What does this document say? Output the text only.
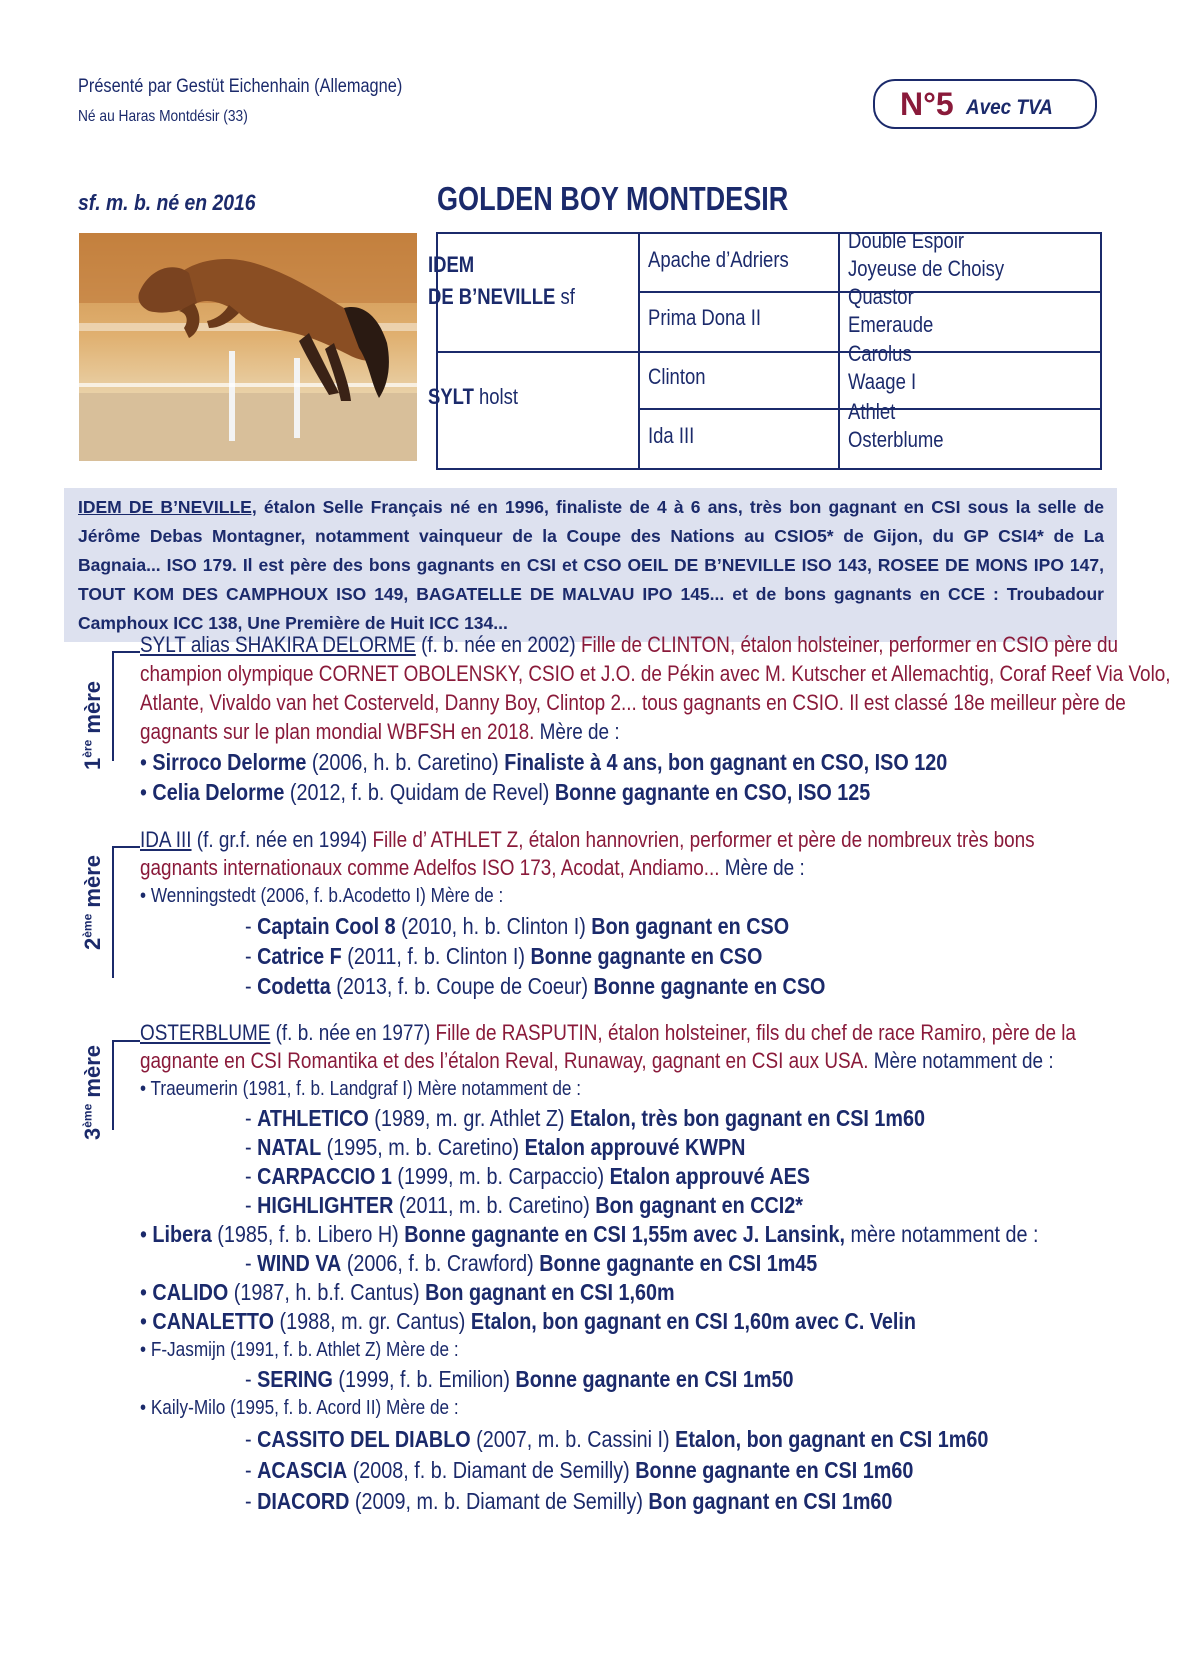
Présenté par Gestüt Eichenhain (Allemagne)
Né au Haras Montdésir (33)	N°5 Avec TVA
sf. m. b. né en 2016	GOLDEN BOY MONTDESIR
IDEM
DE B’NEVILLE sf
SYLT holst
Apache d’Adriers
Prima Dona II
Clinton
Ida III
Double Espoir
Joyeuse de Choisy
Quastor
Emeraude
Carolus
Waage I
Athlet
Osterblume
IDEM DE B’NEVILLE, étalon Selle Français né en 1996, finaliste de 4 à 6 ans, très bon gagnant en CSI sous la selle de Jérôme Debas Montagner, notamment vainqueur de la Coupe des Nations au CSIO5* de Gijon, du GP CSI4* de La Bagnaia... ISO 179. Il est père des bons gagnants en CSI et CSO OEIL DE B’NEVILLE ISO 143, ROSEE DE MONS IPO 147, TOUT KOM DES CAMPHOUX ISO 149, BAGATELLE DE MALVAU IPO 145... et de bons gagnants en CCE : Troubadour Camphoux ICC 138, Une Première de Huit ICC 134...
1ère mère
SYLT alias SHAKIRA DELORME (f. b. née en 2002) Fille de CLINTON, étalon holsteiner, performer en CSIO père du
champion olympique CORNET OBOLENSKY, CSIO et J.O. de Pékin avec M. Kutscher et Allemachtig, Coraf Reef Via Volo,
Atlante, Vivaldo van het Costerveld, Danny Boy, Clintop 2... tous gagnants en CSIO. Il est classé 18e meilleur père de
gagnants sur le plan mondial WBFSH en 2018. Mère de :
• Sirroco Delorme (2006, h. b. Caretino) Finaliste à 4 ans, bon gagnant en CSO, ISO 120
• Celia Delorme (2012, f. b. Quidam de Revel) Bonne gagnante en CSO, ISO 125
2ème mère
IDA III (f. gr.f. née en 1994) Fille d’ ATHLET Z, étalon hannovrien, performer et père de nombreux très bons
gagnants internationaux comme Adelfos ISO 173, Acodat, Andiamo... Mère de :
• Wenningstedt (2006, f. b.Acodetto I) Mère de :
- Captain Cool 8 (2010, h. b. Clinton I) Bon gagnant en CSO
- Catrice F (2011, f. b. Clinton I) Bonne gagnante en CSO
- Codetta (2013, f. b. Coupe de Coeur) Bonne gagnante en CSO
3ème mère
OSTERBLUME (f. b. née en 1977) Fille de RASPUTIN, étalon holsteiner, fils du chef de race Ramiro, père de la
gagnante en CSI Romantika et des l’étalon Reval, Runaway, gagnant en CSI aux USA. Mère notamment de :
• Traeumerin (1981, f. b. Landgraf I) Mère notamment de :
- ATHLETICO (1989, m. gr. Athlet Z) Etalon, très bon gagnant en CSI 1m60
- NATAL (1995, m. b. Caretino) Etalon approuvé KWPN
- CARPACCIO 1 (1999, m. b. Carpaccio) Etalon approuvé AES
- HIGHLIGHTER (2011, m. b. Caretino) Bon gagnant en CCI2*
• Libera (1985, f. b. Libero H) Bonne gagnante en CSI 1,55m avec J. Lansink, mère notamment de :
- WIND VA (2006, f. b. Crawford) Bonne gagnante en CSI 1m45
• CALIDO (1987, h. b.f. Cantus) Bon gagnant en CSI 1,60m
• CANALETTO (1988, m. gr. Cantus) Etalon, bon gagnant en CSI 1,60m avec C. Velin
• F-Jasmijn (1991, f. b. Athlet Z) Mère de :
- SERING (1999, f. b. Emilion) Bonne gagnante en CSI 1m50
• Kaily-Milo (1995, f. b. Acord II) Mère de :
- CASSITO DEL DIABLO (2007, m. b. Cassini I) Etalon, bon gagnant en CSI 1m60
- ACASCIA (2008, f. b. Diamant de Semilly) Bonne gagnante en CSI 1m60
- DIACORD (2009, m. b. Diamant de Semilly) Bon gagnant en CSI 1m60
